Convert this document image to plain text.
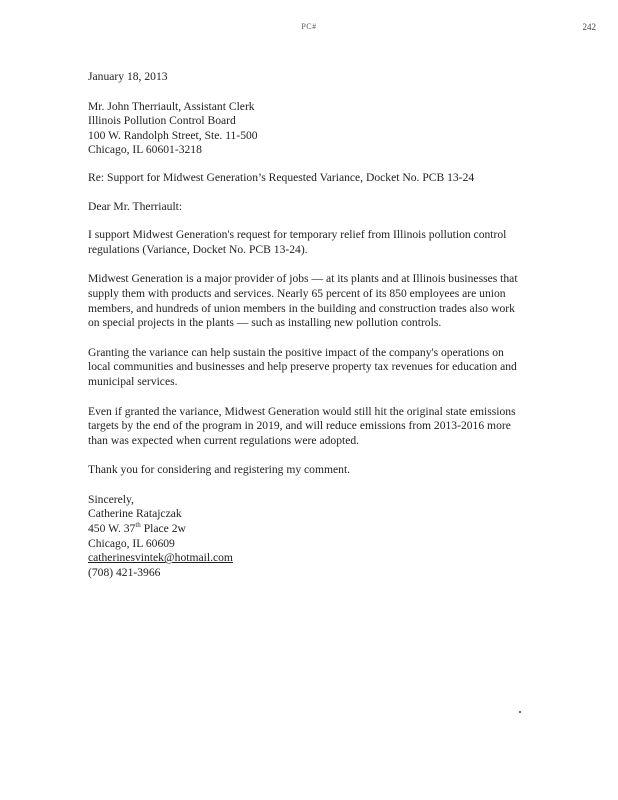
PC#	242

January 18, 2013

Mr. John Therriault, Assistant Clerk
Illinois Pollution Control Board
100 W. Randolph Street, Ste. 11-500
Chicago, IL 60601-3218

Re: Support for Midwest Generation’s Requested Variance, Docket No. PCB 13-24

Dear Mr. Therriault:

I support Midwest Generation's request for temporary relief from Illinois pollution control regulations (Variance, Docket No. PCB 13-24).

Midwest Generation is a major provider of jobs — at its plants and at Illinois businesses that supply them with products and services. Nearly 65 percent of its 850 employees are union members, and hundreds of union members in the building and construction trades also work on special projects in the plants — such as installing new pollution controls.

Granting the variance can help sustain the positive impact of the company's operations on local communities and businesses and help preserve property tax revenues for education and municipal services.

Even if granted the variance, Midwest Generation would still hit the original state emissions targets by the end of the program in 2019, and will reduce emissions from 2013-2016 more than was expected when current regulations were adopted.

Thank you for considering and registering my comment.

Sincerely,
Catherine Ratajczak
450 W. 37th Place 2w
Chicago, IL 60609
catherinesvintek@hotmail.com
(708) 421-3966
